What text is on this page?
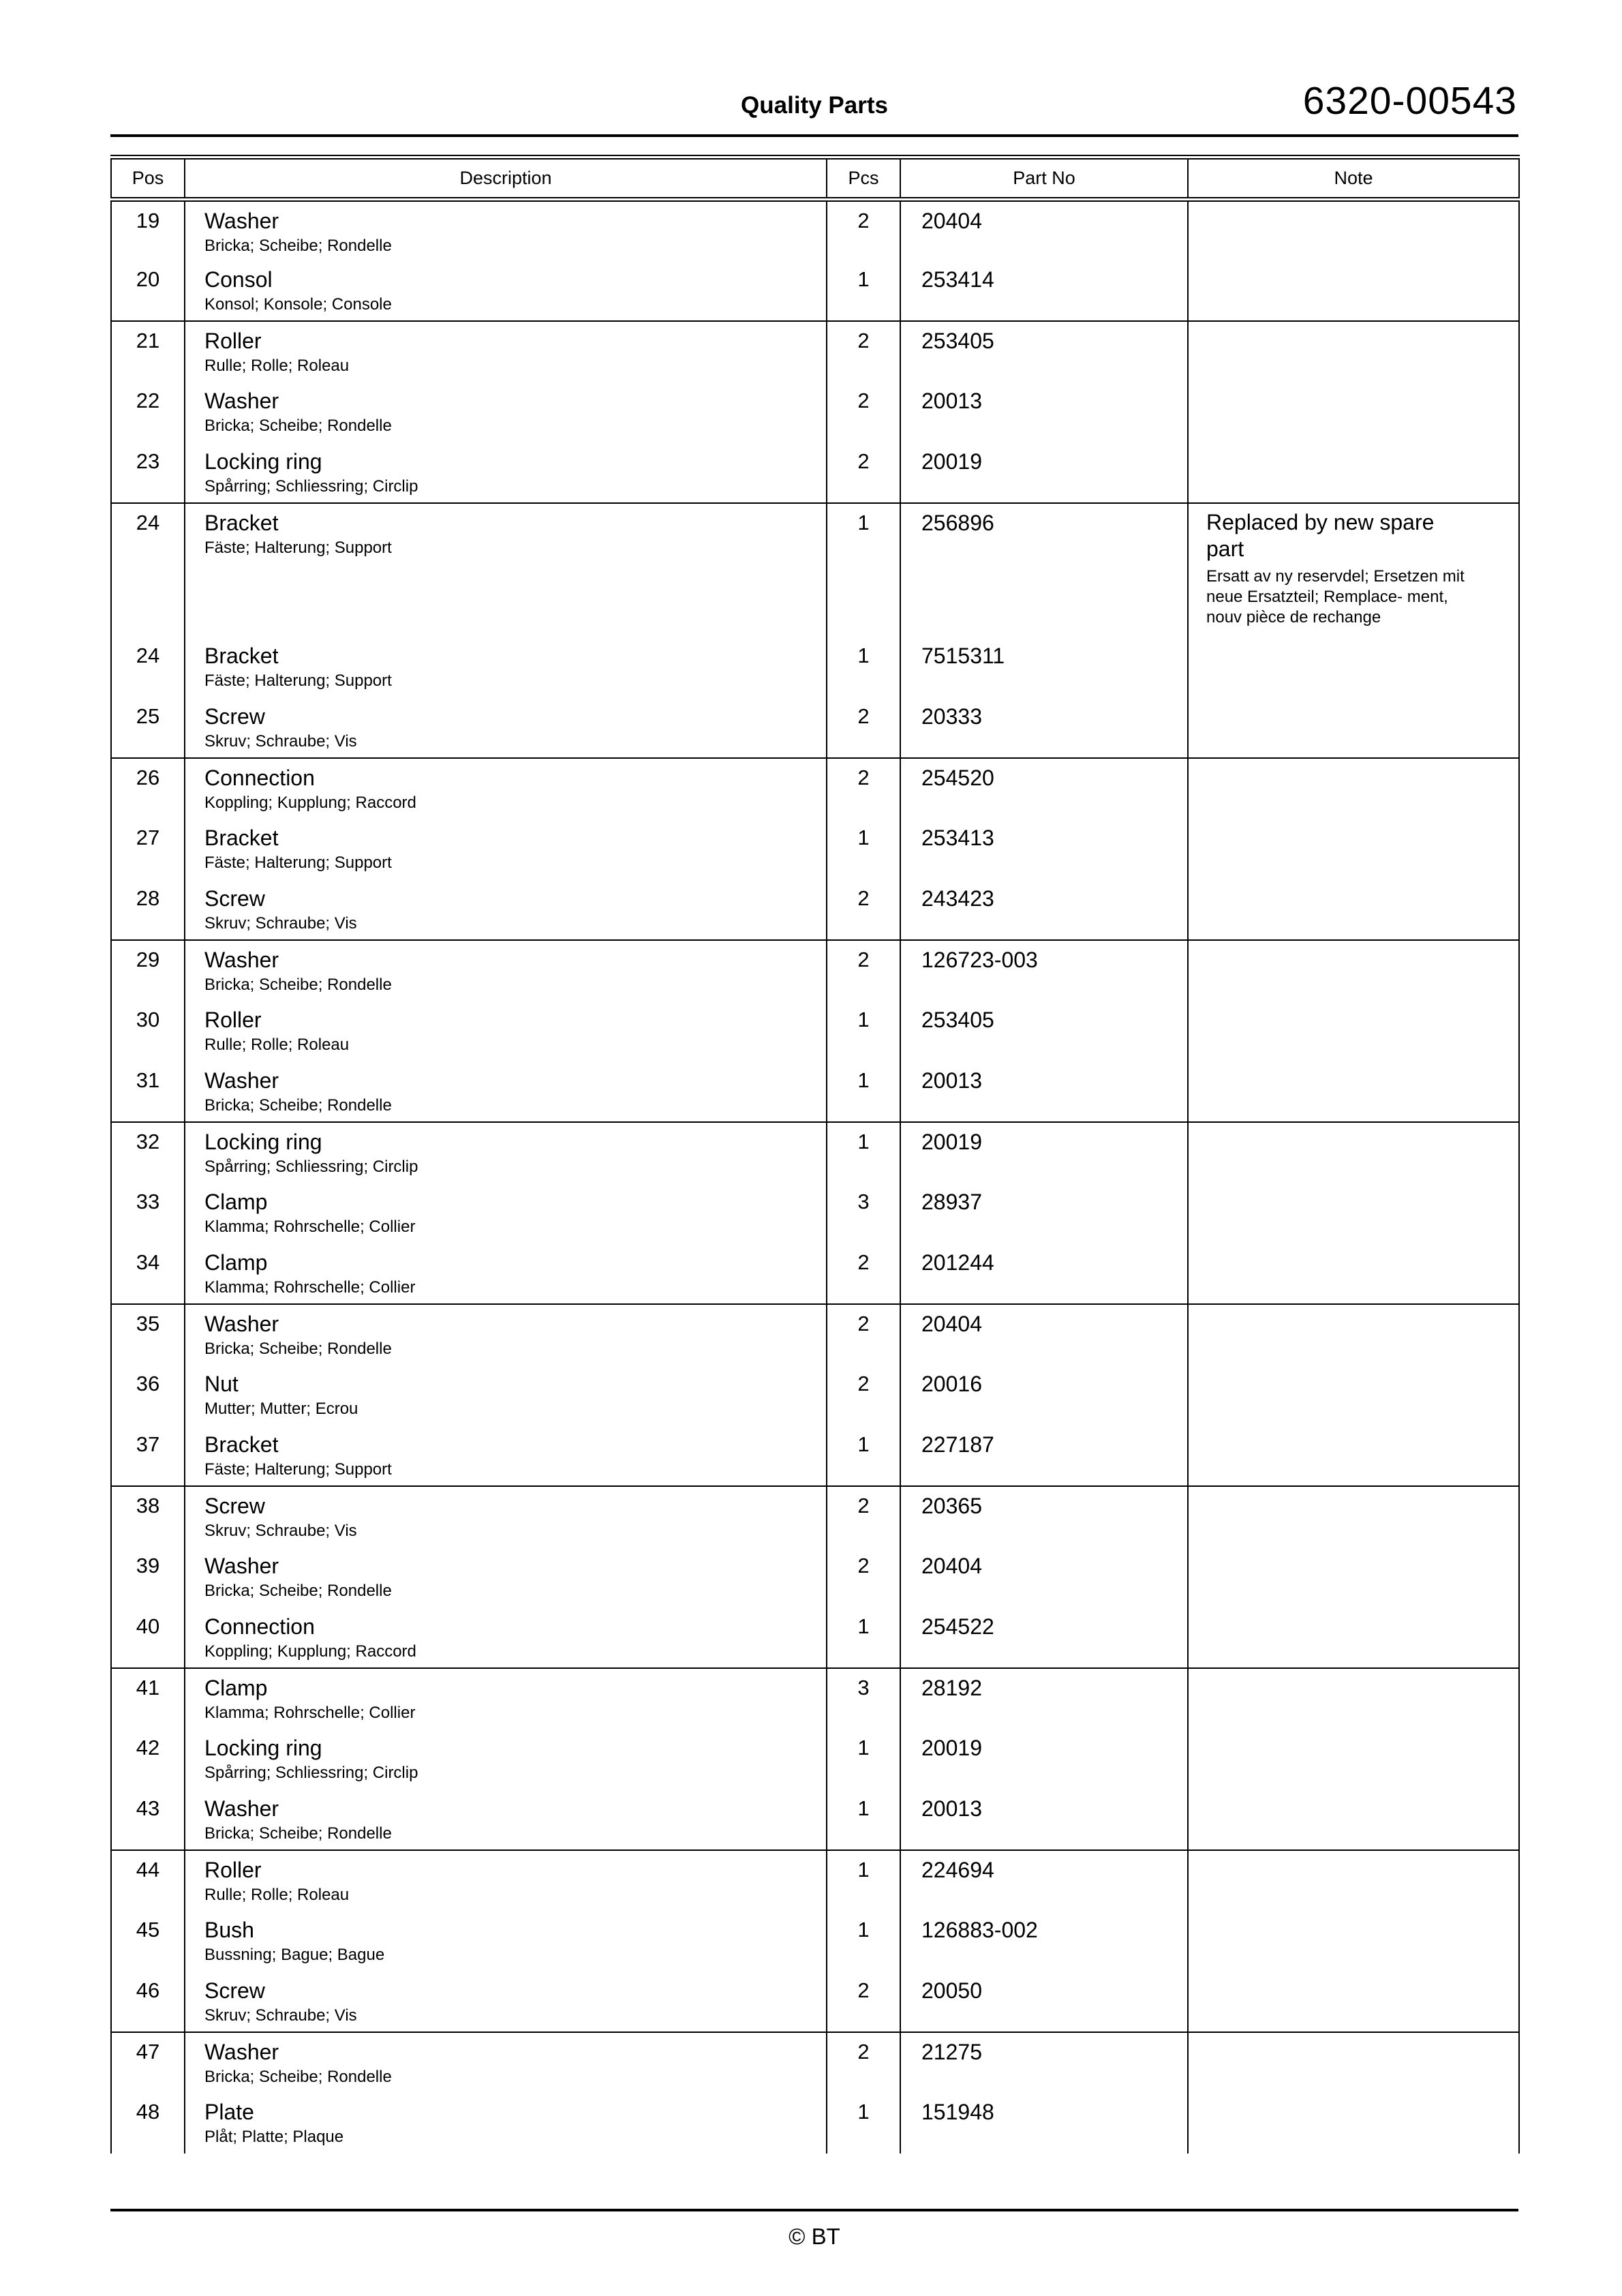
Quality Parts	6320-00543
Pos	Description	Pcs	Part No	Note
19	Washer
Bricka; Scheibe; Rondelle	2	20404	

20	Consol
Konsol; Konsole; Console	1	253414	

21	Roller
Rulle; Rolle; Roleau	2	253405	

22	Washer
Bricka; Scheibe; Rondelle	2	20013	

23	Locking ring
Spårring; Schliessring; Circlip	2	20019	

24	Bracket
Fäste; Halterung; Support
	1	256896	Replaced by new spare part
Ersatt av ny reservdel; Ersetzen mit neue Ersatzteil; Remplace- ment, nouv pièce de rechange

24	Bracket
Fäste; Halterung; Support	1	7515311	

25	Screw
Skruv; Schraube; Vis	2	20333	

26	Connection
Koppling; Kupplung; Raccord	2	254520	

27	Bracket
Fäste; Halterung; Support	1	253413	

28	Screw
Skruv; Schraube; Vis	2	243423	

29	Washer
Bricka; Scheibe; Rondelle	2	126723-003	

30	Roller
Rulle; Rolle; Roleau	1	253405	

31	Washer
Bricka; Scheibe; Rondelle	1	20013	

32	Locking ring
Spårring; Schliessring; Circlip	1	20019	

33	Clamp
Klamma; Rohrschelle; Collier	3	28937	

34	Clamp
Klamma; Rohrschelle; Collier	2	201244	

35	Washer
Bricka; Scheibe; Rondelle	2	20404	

36	Nut
Mutter; Mutter; Ecrou	2	20016	

37	Bracket
Fäste; Halterung; Support	1	227187	

38	Screw
Skruv; Schraube; Vis	2	20365	

39	Washer
Bricka; Scheibe; Rondelle	2	20404	

40	Connection
Koppling; Kupplung; Raccord	1	254522	

41	Clamp
Klamma; Rohrschelle; Collier	3	28192	

42	Locking ring
Spårring; Schliessring; Circlip	1	20019	

43	Washer
Bricka; Scheibe; Rondelle	1	20013	

44	Roller
Rulle; Rolle; Roleau	1	224694	

45	Bush
Bussning; Bague; Bague	1	126883-002	

46	Screw
Skruv; Schraube; Vis	2	20050	

47	Washer
Bricka; Scheibe; Rondelle	2	21275	

48	Plate
Plåt; Platte; Plaque	1	151948	
© BT
